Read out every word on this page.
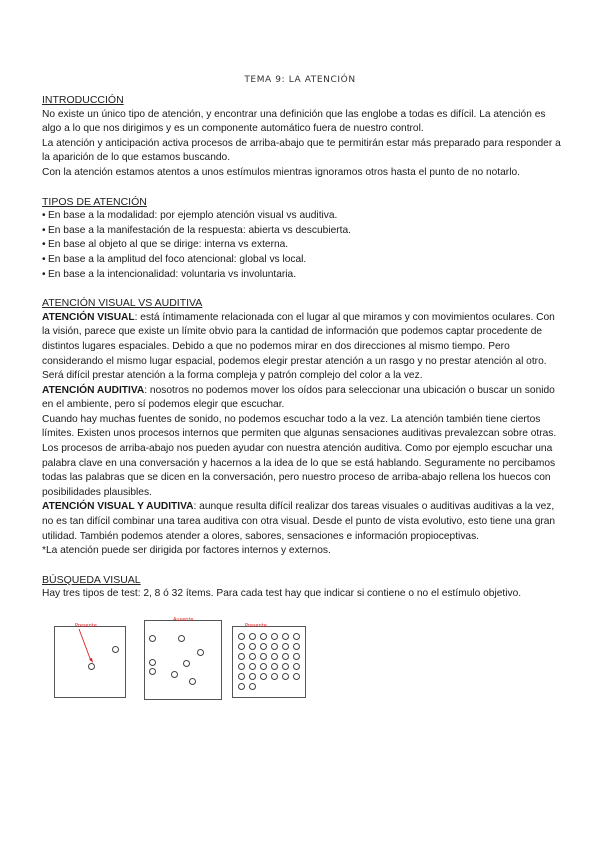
TEMA 9: LA ATENCIÓN
INTRODUCCIÓN

No existe un único tipo de atención, y encontrar una definición que las englobe a todas es difícil. La atención es algo a lo que nos dirigimos y es un componente automático fuera de nuestro control.

La atención y anticipación activa procesos de arriba-abajo que te permitirán estar más preparado para responder a la aparición de lo que estamos buscando.

Con la atención estamos atentos a unos estímulos mientras ignoramos otros hasta el punto de no notarlo.

TIPOS DE ATENCIÓN
• En base a la modalidad: por ejemplo atención visual vs auditiva.
• En base a la manifestación de la respuesta: abierta vs descubierta.
• En base al objeto al que se dirige: interna vs externa.
• En base a la amplitud del foco atencional: global vs local.
• En base a la intencionalidad: voluntaria vs involuntaria.
ATENCIÓN VISUAL VS AUDITIVA

ATENCIÓN VISUAL: está íntimamente relacionada con el lugar al que miramos y con movimientos oculares. Con la visión, parece que existe un límite obvio para la cantidad de información que podemos captar procedente de distintos lugares espaciales. Debido a que no podemos mirar en dos direcciones al mismo tiempo. Pero considerando el mismo lugar espacial, podemos elegir prestar atención a un rasgo y no prestar atención al otro. Será difícil prestar atención a la forma compleja y patrón complejo del color a la vez.

ATENCIÓN AUDITIVA: nosotros no podemos mover los oídos para seleccionar una ubicación o buscar un sonido en el ambiente, pero sí podemos elegir que escuchar.

Cuando hay muchas fuentes de sonido, no podemos escuchar todo a la vez. La atención también tiene ciertos límites. Existen unos procesos internos que permiten que algunas sensaciones auditivas prevalezcan sobre otras.

Los procesos de arriba-abajo nos pueden ayudar con nuestra atención auditiva. Como por ejemplo escuchar una palabra clave en una conversación y hacernos a la idea de lo que se está hablando. Seguramente no percibamos todas las palabras que se dicen en la conversación, pero nuestro proceso de arriba-abajo rellena los huecos con posibilidades plausibles.

ATENCIÓN VISUAL Y AUDITIVA: aunque resulta difícil realizar dos tareas visuales o auditivas auditivas a la vez, no es tan difícil combinar una tarea auditiva con otra visual. Desde el punto de vista evolutivo, esto tiene una gran utilidad. También podemos atender a olores, sabores, sensaciones e información propioceptivas.

*La atención puede ser dirigida por factores internos y externos.

BÚSQUEDA VISUAL

Hay tres tipos de test: 2, 8 ó 32 ítems. Para cada test hay que indicar si contiene o no el estímulo objetivo.

Presente
Ausente
Presente
